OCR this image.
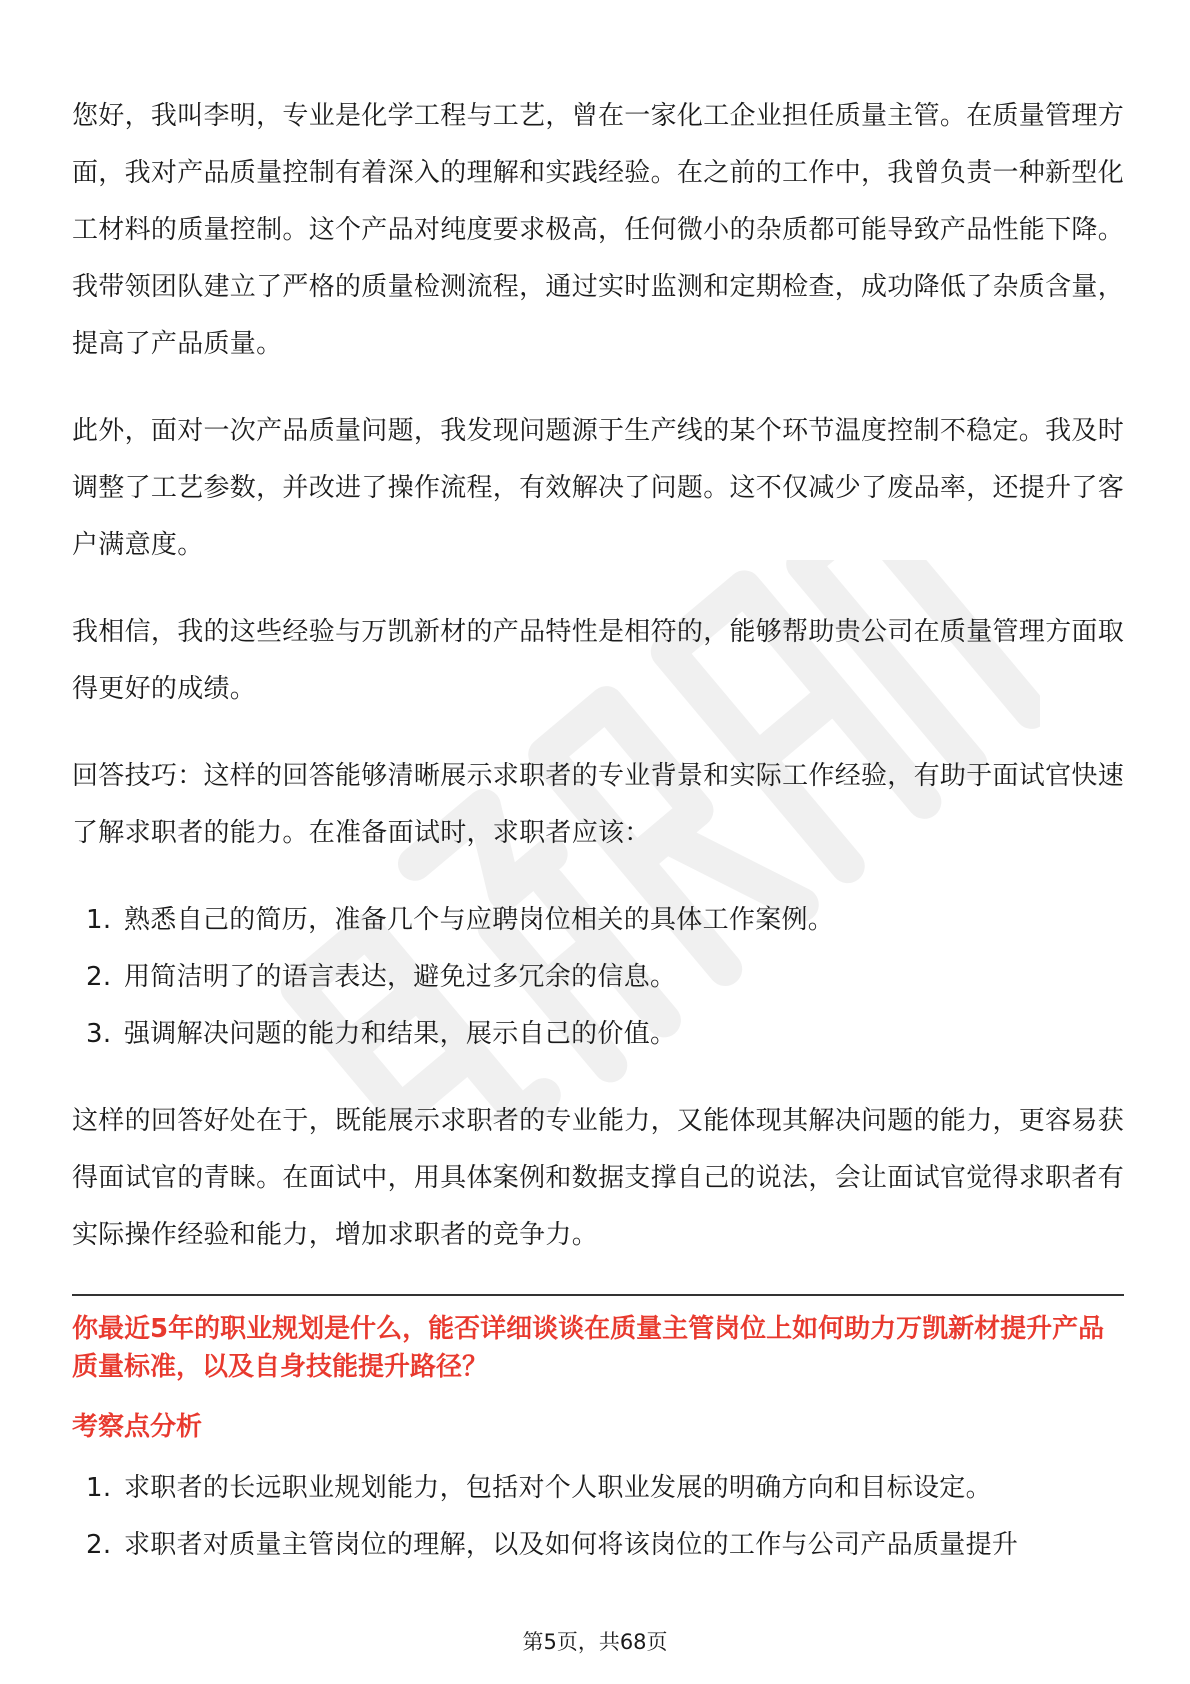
您好，我叫李明，专业是化学工程与工艺，曾在一家化工企业担任质量主管。在质量管理方面，我对产品质量控制有着深入的理解和实践经验。在之前的工作中，我曾负责一种新型化工材料的质量控制。这个产品对纯度要求极高，任何微小的杂质都可能导致产品性能下降。我带领团队建立了严格的质量检测流程，通过实时监测和定期检查，成功降低了杂质含量，提高了产品质量。

此外，面对一次产品质量问题，我发现问题源于生产线的某个环节温度控制不稳定。我及时调整了工艺参数，并改进了操作流程，有效解决了问题。这不仅减少了废品率，还提升了客户满意度。

我相信，我的这些经验与万凯新材的产品特性是相符的，能够帮助贵公司在质量管理方面取得更好的成绩。

回答技巧：这样的回答能够清晰展示求职者的专业背景和实际工作经验，有助于面试官快速了解求职者的能力。在准备面试时，求职者应该：

1. 熟悉自己的简历，准备几个与应聘岗位相关的具体工作案例。
2. 用简洁明了的语言表达，避免过多冗余的信息。
3. 强调解决问题的能力和结果，展示自己的价值。

这样的回答好处在于，既能展示求职者的专业能力，又能体现其解决问题的能力，更容易获得面试官的青睐。在面试中，用具体案例和数据支撑自己的说法，会让面试官觉得求职者有实际操作经验和能力，增加求职者的竞争力。

你最近5年的职业规划是什么，能否详细谈谈在质量主管岗位上如何助力万凯新材提升产品质量标准，以及自身技能提升路径？
考察点分析
1. 求职者的长远职业规划能力，包括对个人职业发展的明确方向和目标设定。
2. 求职者对质量主管岗位的理解，以及如何将该岗位的工作与公司产品质量提升
第5页，共68页
